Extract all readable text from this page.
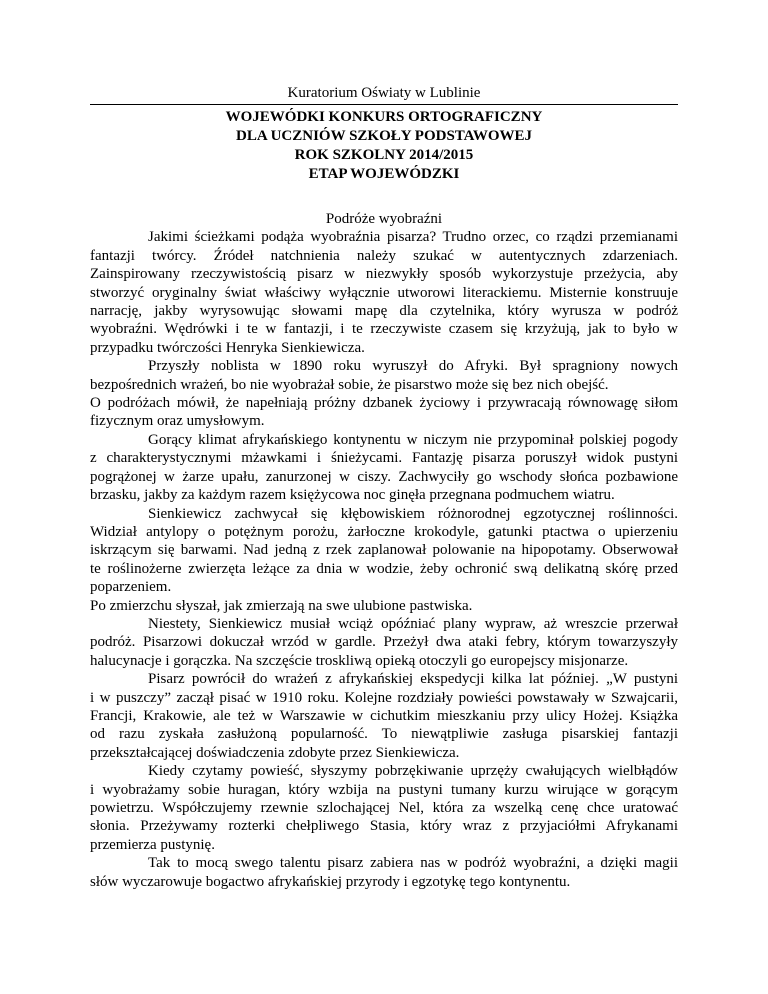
Kuratorium Oświaty w Lublinie

WOJEWÓDKI KONKURS ORTOGRAFICZNY

DLA UCZNIÓW SZKOŁY PODSTAWOWEJ

ROK SZKOLNY 2014/2015

ETAP WOJEWÓDZKI

Podróże wyobraźni

Jakimi ścieżkami podąża wyobraźnia pisarza? Trudno orzec, co rządzi przemianami
fantazji twórcy. Źródeł natchnienia należy szukać w autentycznych zdarzeniach.
Zainspirowany rzeczywistością pisarz w niezwykły sposób wykorzystuje przeżycia, aby
stworzyć oryginalny świat właściwy wyłącznie utworowi literackiemu. Misternie konstruuje
narrację, jakby wyrysowując słowami mapę dla czytelnika, który wyrusza w podróż
wyobraźni. Wędrówki i te w fantazji, i te rzeczywiste czasem się krzyżują, jak to było w
przypadku twórczości Henryka Sienkiewicza.
Przyszły noblista w 1890 roku wyruszył do Afryki. Był spragniony nowych
bezpośrednich wrażeń, bo nie wyobrażał sobie, że pisarstwo może się bez nich obejść.
O podróżach mówił, że napełniają próżny dzbanek życiowy i przywracają równowagę siłom
fizycznym oraz umysłowym.
Gorący klimat afrykańskiego kontynentu w niczym nie przypominał polskiej pogody
z charakterystycznymi mżawkami i śnieżycami. Fantazję pisarza poruszył widok pustyni
pogrążonej w żarze upału, zanurzonej w ciszy. Zachwyciły go wschody słońca pozbawione
brzasku, jakby za każdym razem księżycowa noc ginęła przegnana podmuchem wiatru.
Sienkiewicz zachwycał się kłębowiskiem różnorodnej egzotycznej roślinności.
Widział antylopy o potężnym porożu, żarłoczne krokodyle, gatunki ptactwa o upierzeniu
iskrzącym się barwami. Nad jedną z rzek zaplanował polowanie na hipopotamy. Obserwował
te roślinożerne zwierzęta leżące za dnia w wodzie, żeby ochronić swą delikatną skórę przed
poparzeniem.
Po zmierzchu słyszał, jak zmierzają na swe ulubione pastwiska.
Niestety, Sienkiewicz musiał wciąż opóźniać plany wypraw, aż wreszcie przerwał
podróż. Pisarzowi dokuczał wrzód w gardle. Przeżył dwa ataki febry, którym towarzyszyły
halucynacje i gorączka. Na szczęście troskliwą opieką otoczyli go europejscy misjonarze.
Pisarz powrócił do wrażeń z afrykańskiej ekspedycji kilka lat później. „W pustyni
i w puszczy” zaczął pisać w 1910 roku. Kolejne rozdziały powieści powstawały w Szwajcarii,
Francji, Krakowie, ale też w Warszawie w cichutkim mieszkaniu przy ulicy Hożej. Książka
od razu zyskała zasłużoną popularność. To niewątpliwie zasługa pisarskiej fantazji
przekształcającej doświadczenia zdobyte przez Sienkiewicza.
Kiedy czytamy powieść, słyszymy pobrzękiwanie uprzęży cwałujących wielbłądów
i wyobrażamy sobie huragan, który wzbija na pustyni tumany kurzu wirujące w gorącym
powietrzu. Współczujemy rzewnie szlochającej Nel, która za wszelką cenę chce uratować
słonia. Przeżywamy rozterki chełpliwego Stasia, który wraz z przyjaciółmi Afrykanami
przemierza pustynię.
Tak to mocą swego talentu pisarz zabiera nas w podróż wyobraźni, a dzięki magii
słów wyczarowuje bogactwo afrykańskiej przyrody i egzotykę tego kontynentu.
